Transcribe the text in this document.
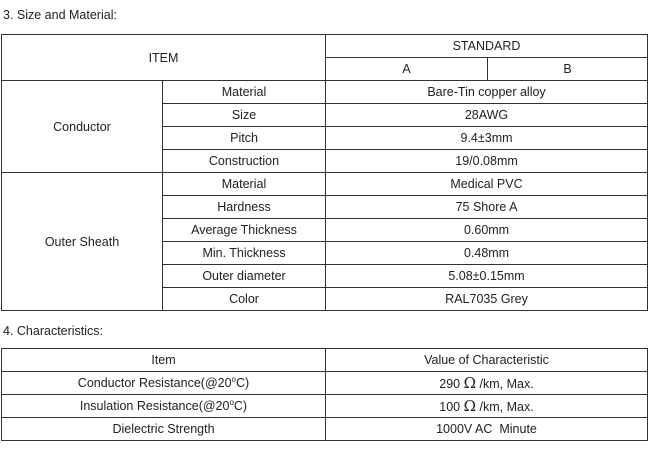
3. Size and Material:
ITEM		STANDARD	
		A	B
Conductor	Material	Bare-Tin copper alloy	
	Size	28AWG	
	Pitch	9.4±3mm	
	Construction	19/0.08mm	
Outer Sheath	Material	Medical PVC	
	Hardness	75 Shore A	
	Average Thickness	0.60mm	
	Min. Thickness	0.48mm	
	Outer diameter	5.08±0.15mm	
	Color	RAL7035 Grey	
4. Characteristics:
Item	Value of Characteristic
Conductor Resistance(@20$^o$C)	290 Ω /km, Max.
Insulation Resistance(@20$^o$C)	100 Ω /km, Max.
Dielectric Strength	1000V AC  Minute
